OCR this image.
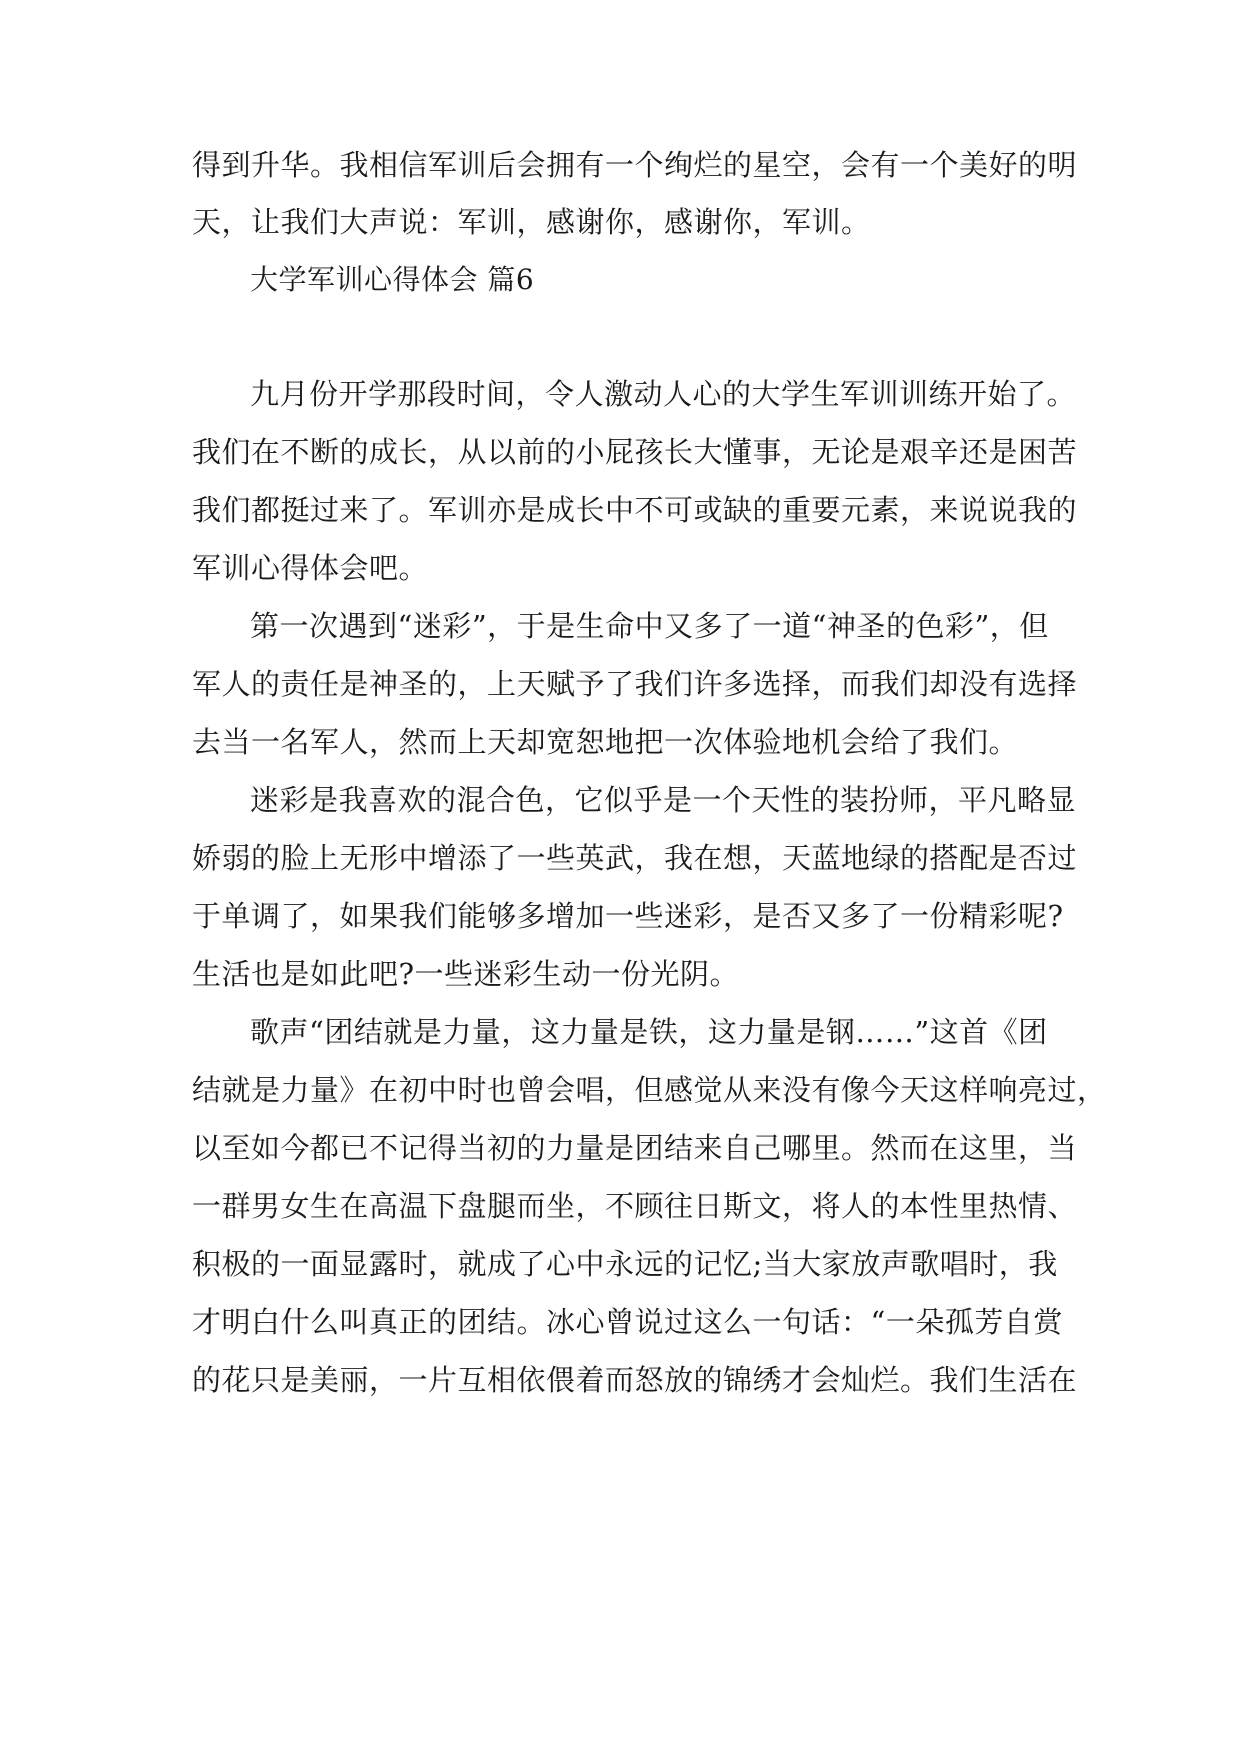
得到升华。我相信军训后会拥有一个绚烂的星空，会有一个美好的明
天，让我们大声说：军训，感谢你，感谢你，军训。
大学军训心得体会 篇6
九月份开学那段时间，令人激动人心的大学生军训训练开始了。
我们在不断的成长，从以前的小屁孩长大懂事，无论是艰辛还是困苦
我们都挺过来了。军训亦是成长中不可或缺的重要元素，来说说我的
军训心得体会吧。
第一次遇到“迷彩”，于是生命中又多了一道“神圣的色彩”，但
军人的责任是神圣的，上天赋予了我们许多选择，而我们却没有选择
去当一名军人，然而上天却宽恕地把一次体验地机会给了我们。
迷彩是我喜欢的混合色，它似乎是一个天性的装扮师，平凡略显
娇弱的脸上无形中增添了一些英武，我在想，天蓝地绿的搭配是否过
于单调了，如果我们能够多增加一些迷彩，是否又多了一份精彩呢?
生活也是如此吧?一些迷彩生动一份光阴。
歌声“团结就是力量，这力量是铁，这力量是钢……”这首《团
结就是力量》在初中时也曾会唱，但感觉从来没有像今天这样响亮过，
以至如今都已不记得当初的力量是团结来自己哪里。然而在这里，当
一群男女生在高温下盘腿而坐，不顾往日斯文，将人的本性里热情、
积极的一面显露时，就成了心中永远的记忆;当大家放声歌唱时，我
才明白什么叫真正的团结。冰心曾说过这么一句话：“一朵孤芳自赏
的花只是美丽，一片互相依偎着而怒放的锦绣才会灿烂。我们生活在
